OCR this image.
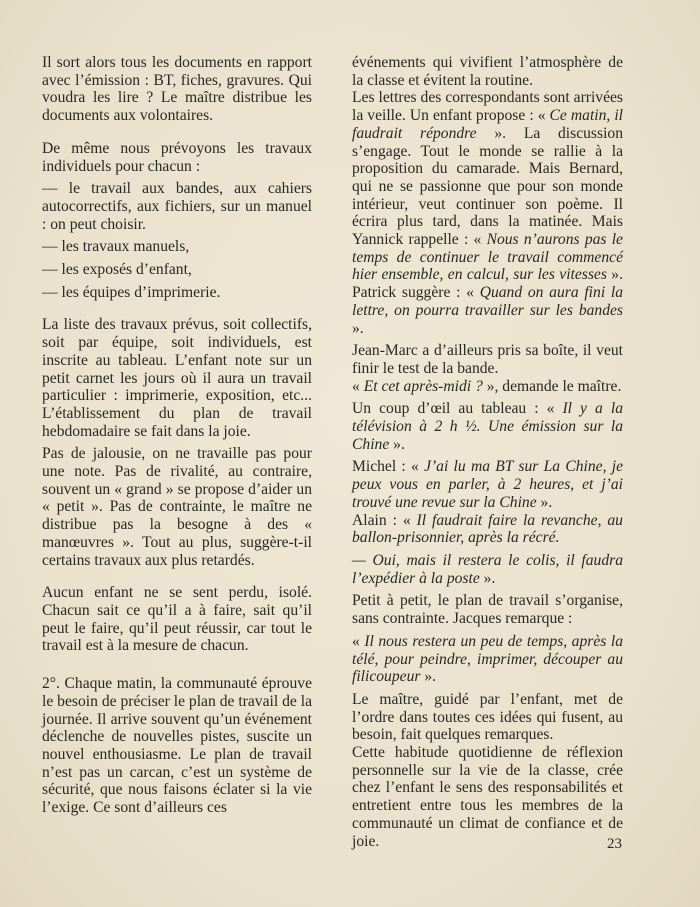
Il sort alors tous les documents en rapport avec l’émission : BT, fiches, gravures. Qui voudra les lire ? Le maître distribue les documents aux volontaires.

De même nous prévoyons les travaux individuels pour chacun :

— le travail aux bandes, aux cahiers autocorrectifs, aux fichiers, sur un manuel : on peut choisir.

— les travaux manuels,

— les exposés d’enfant,

— les équipes d’imprimerie.

La liste des travaux prévus, soit collectifs, soit par équipe, soit individuels, est inscrite au tableau. L’enfant note sur un petit carnet les jours où il aura un travail particulier : imprimerie, exposition, etc... L’établissement du plan de travail hebdomadaire se fait dans la joie.

Pas de jalousie, on ne travaille pas pour une note. Pas de rivalité, au contraire, souvent un « grand » se propose d’aider un « petit ». Pas de contrainte, le maître ne distribue pas la besogne à des « manœuvres ». Tout au plus, suggère-t-il certains travaux aux plus retardés.

Aucun enfant ne se sent perdu, isolé. Chacun sait ce qu’il a à faire, sait qu’il peut le faire, qu’il peut réussir, car tout le travail est à la mesure de chacun.

2°. Chaque matin, la communauté éprouve le besoin de préciser le plan de travail de la journée. Il arrive souvent qu’un événement déclenche de nouvelles pistes, suscite un nouvel enthousiasme. Le plan de travail n’est pas un carcan, c’est un système de sécurité, que nous faisons éclater si la vie l’exige. Ce sont d’ailleurs ces

événements qui vivifient l’atmosphère de la classe et évitent la routine.

Les lettres des correspondants sont arrivées la veille. Un enfant propose : « Ce matin, il faudrait répondre ». La discussion s’engage. Tout le monde se rallie à la proposition du camarade. Mais Bernard, qui ne se passionne que pour son monde intérieur, veut continuer son poème. Il écrira plus tard, dans la matinée. Mais Yannick rappelle : « Nous n’aurons pas le temps de continuer le travail commencé hier ensemble, en calcul, sur les vitesses ». Patrick suggère : « Quand on aura fini la lettre, on pourra travailler sur les bandes ».

Jean-Marc a d’ailleurs pris sa boîte, il veut finir le test de la bande.

« Et cet après-midi ? », demande le maître.

Un coup d’œil au tableau : « Il y a la télévision à 2 h ½. Une émission sur la Chine ».

Michel : « J’ai lu ma BT sur La Chine, je peux vous en parler, à 2 heures, et j’ai trouvé une revue sur la Chine ».

Alain : « Il faudrait faire la revanche, au ballon-prisonnier, après la récré.

— Oui, mais il restera le colis, il faudra l’expédier à la poste ».

Petit à petit, le plan de travail s’organise, sans contrainte. Jacques remarque :

« Il nous restera un peu de temps, après la télé, pour peindre, imprimer, découper au filicoupeur ».

Le maître, guidé par l’enfant, met de l’ordre dans toutes ces idées qui fusent, au besoin, fait quelques remarques.

Cette habitude quotidienne de réflexion personnelle sur la vie de la classe, crée chez l’enfant le sens des responsabilités et entretient entre tous les membres de la communauté un climat de confiance et de joie.	23
